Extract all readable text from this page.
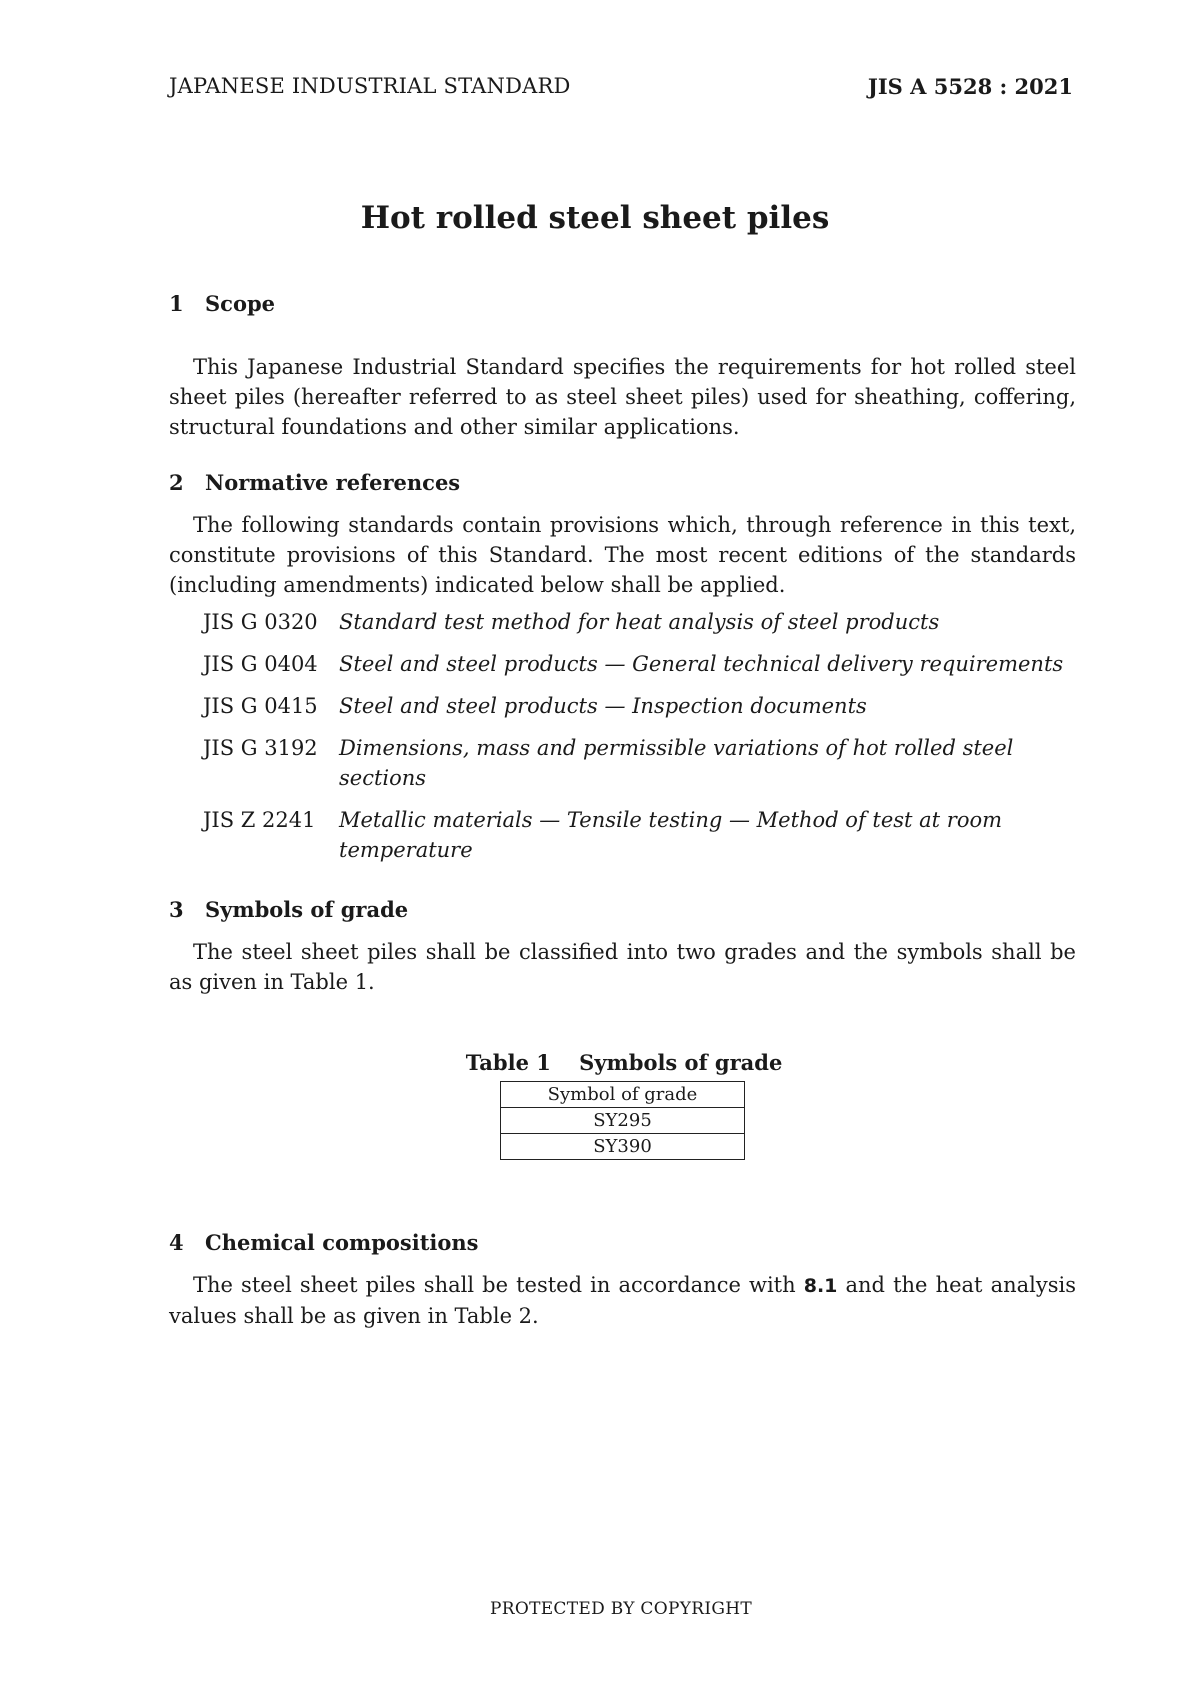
JAPANESE INDUSTRIAL STANDARD	JIS A 5528 : 2021
Hot rolled steel sheet piles
1 Scope

This Japanese Industrial Standard specifies the requirements for hot rolled steel sheet piles (hereafter referred to as steel sheet piles) used for sheathing, coffering, structural foundations and other similar applications.

2 Normative references

The following standards contain provisions which, through reference in this text, constitute provisions of this Standard. The most recent editions of the standards (including amendments) indicated below shall be applied.

JIS G 0320	Standard test method for heat analysis of steel products
JIS G 0404	Steel and steel products — General technical delivery requirements
JIS G 0415	Steel and steel products — Inspection documents
JIS G 3192	Dimensions, mass and permissible variations of hot rolled steel sections
JIS Z 2241	Metallic materials — Tensile testing — Method of test at room temperature
3 Symbols of grade

The steel sheet piles shall be classified into two grades and the symbols shall be as given in Table 1.

Table 1  Symbols of grade
Symbol of grade
SY295
SY390
4 Chemical compositions

The steel sheet piles shall be tested in accordance with 8.1 and the heat analysis values shall be as given in Table 2.

PROTECTED BY COPYRIGHT
